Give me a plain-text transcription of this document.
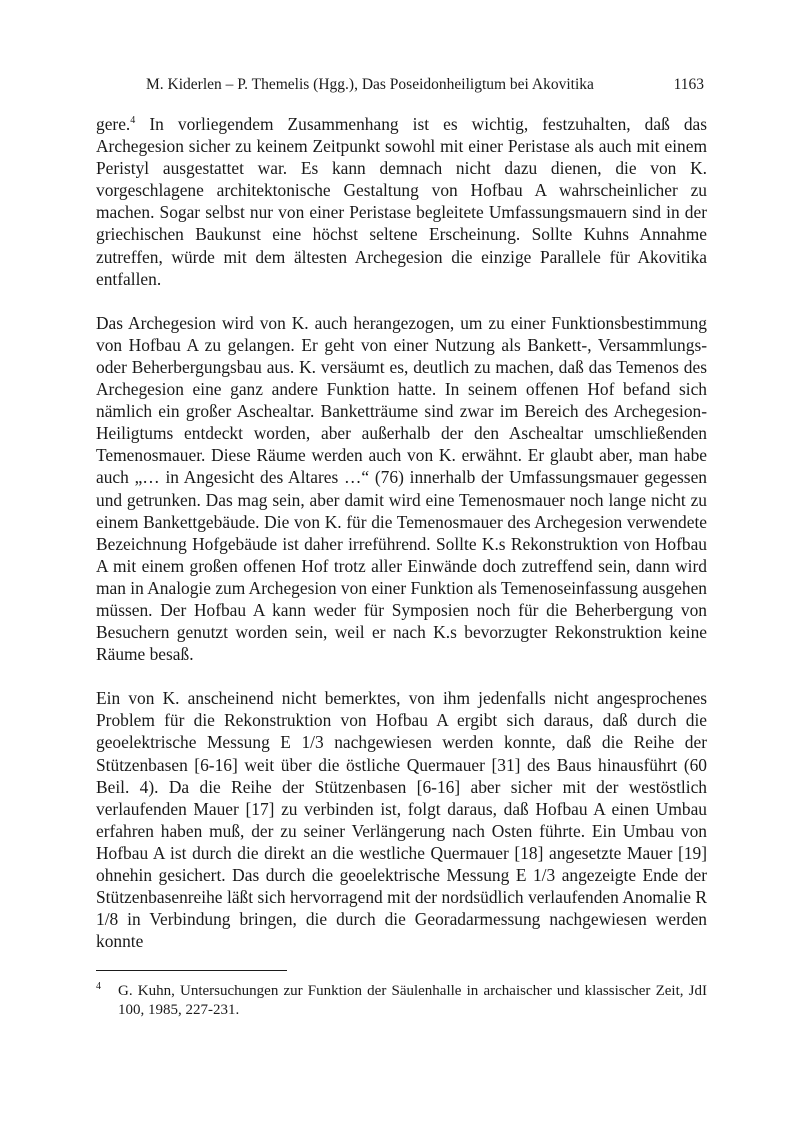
M. Kiderlen – P. Themelis (Hgg.), Das Poseidonheiligtum bei Akovitika	1163

gere.$^4$ In vorliegendem Zusammenhang ist es wichtig, festzuhalten, daß das Archegesion sicher zu keinem Zeitpunkt sowohl mit einer Peristase als auch mit einem Peristyl ausgestattet war. Es kann demnach nicht dazu dienen, die von K. vorgeschlagene architektonische Gestaltung von Hofbau A wahrscheinlicher zu machen. Sogar selbst nur von einer Peristase begleitete Umfassungsmauern sind in der griechischen Baukunst eine höchst seltene Erscheinung. Sollte Kuhns Annahme zutreffen, würde mit dem ältesten Archegesion die einzige Parallele für Akovitika entfallen.

Das Archegesion wird von K. auch herangezogen, um zu einer Funktionsbestimmung von Hofbau A zu gelangen. Er geht von einer Nutzung als Bankett-, Versammlungs- oder Beherbergungsbau aus. K. versäumt es, deutlich zu machen, daß das Temenos des Archegesion eine ganz andere Funktion hatte. In seinem offenen Hof befand sich nämlich ein großer Aschealtar. Banketträume sind zwar im Bereich des Archegesion-Heiligtums entdeckt worden, aber außerhalb der den Aschealtar umschließenden Temenosmauer. Diese Räume werden auch von K. erwähnt. Er glaubt aber, man habe auch „… in Angesicht des Altares …“ (76) innerhalb der Umfassungsmauer gegessen und getrunken. Das mag sein, aber damit wird eine Temenosmauer noch lange nicht zu einem Bankettgebäude. Die von K. für die Temenosmauer des Archegesion verwendete Bezeichnung Hofgebäude ist daher irreführend. Sollte K.s Rekonstruktion von Hofbau A mit einem großen offenen Hof trotz aller Einwände doch zutreffend sein, dann wird man in Analogie zum Archegesion von einer Funktion als Temenoseinfassung ausgehen müssen. Der Hofbau A kann weder für Symposien noch für die Beherbergung von Besuchern genutzt worden sein, weil er nach K.s bevorzugter Rekonstruktion keine Räume besaß.

Ein von K. anscheinend nicht bemerktes, von ihm jedenfalls nicht angesprochenes Problem für die Rekonstruktion von Hofbau A ergibt sich daraus, daß durch die geoelektrische Messung E 1/3 nachgewiesen werden konnte, daß die Reihe der Stützenbasen [6-16] weit über die östliche Quermauer [31] des Baus hinausführt (60 Beil. 4). Da die Reihe der Stützenbasen [6-16] aber sicher mit der westöstlich verlaufenden Mauer [17] zu verbinden ist, folgt daraus, daß Hofbau A einen Umbau erfahren haben muß, der zu seiner Verlängerung nach Osten führte. Ein Umbau von Hofbau A ist durch die direkt an die westliche Quermauer [18] angesetzte Mauer [19] ohnehin gesichert. Das durch die geoelektrische Messung E 1/3 angezeigte Ende der Stützenbasenreihe läßt sich hervorragend mit der nordsüdlich verlaufenden Anomalie R 1/8 in Verbindung bringen, die durch die Georadarmessung nachgewiesen werden konnte

4 G. Kuhn, Untersuchungen zur Funktion der Säulenhalle in archaischer und klassischer Zeit, JdI 100, 1985, 227-231.
